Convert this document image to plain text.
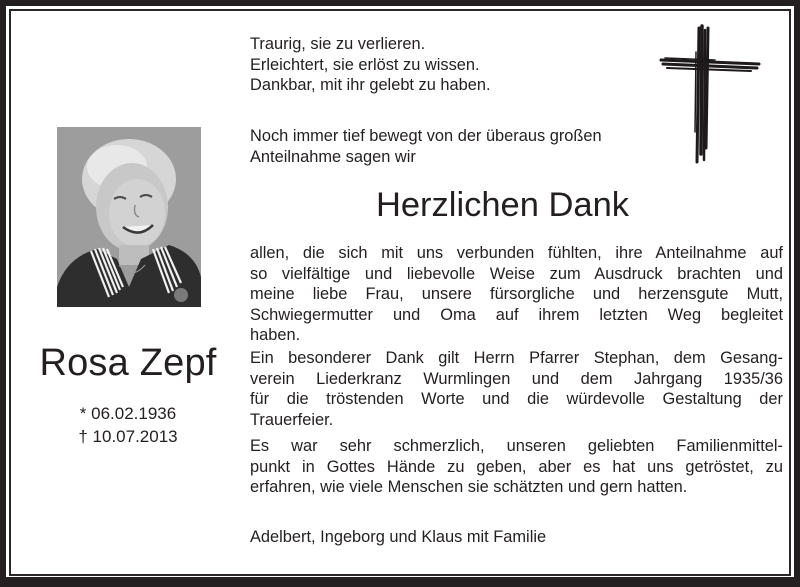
Rosa Zepf
* 06.02.1936
† 10.07.2013
Traurig, sie zu verlieren.
Erleichtert, sie erlöst zu wissen.
Dankbar, mit ihr gelebt zu haben.
Noch immer tief bewegt von der überaus großen
Anteilnahme sagen wir
Herzlichen Dank
allen, die sich mit uns verbunden fühlten, ihre Anteilnahme auf
so vielfältige und liebevolle Weise zum Ausdruck brachten und
meine liebe Frau, unsere fürsorgliche und herzensgute Mutt,
Schwiegermutter und Oma auf ihrem letzten Weg begleitet
haben.
Ein besonderer Dank gilt Herrn Pfarrer Stephan, dem Gesang-
verein Liederkranz Wurmlingen und dem Jahrgang 1935/36
für die tröstenden Worte und die würdevolle Gestaltung der
Trauerfeier.
Es war sehr schmerzlich, unseren geliebten Familienmittel-
punkt in Gottes Hände zu geben, aber es hat uns getröstet, zu
erfahren, wie viele Menschen sie schätzten und gern hatten.
Adelbert, Ingeborg und Klaus mit Familie
